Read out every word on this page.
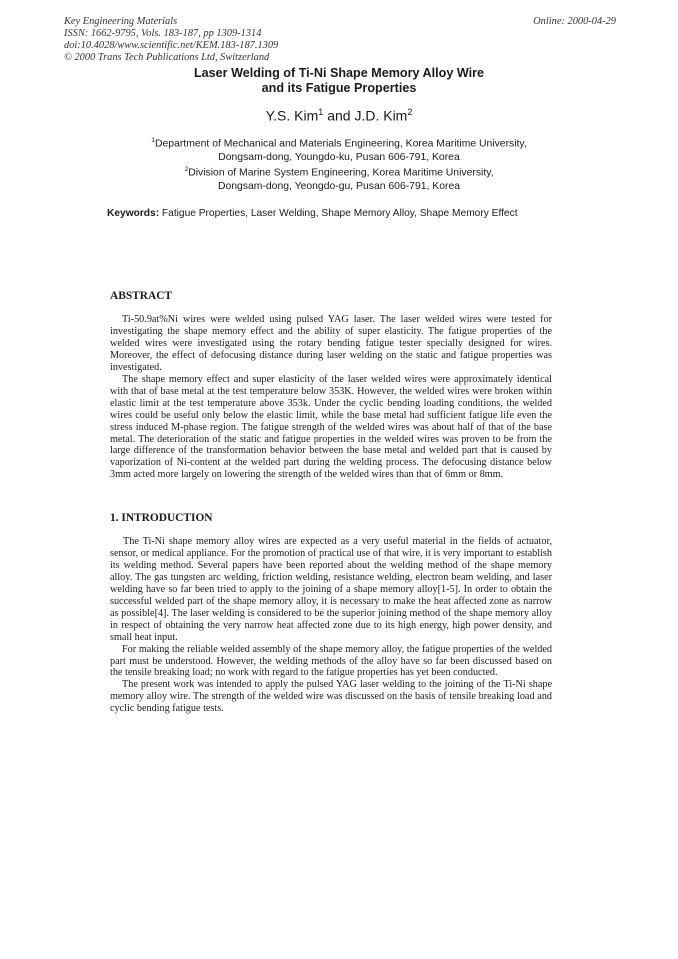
Key Engineering Materials
ISSN: 1662-9795, Vols. 183-187, pp 1309-1314
doi:10.4028/www.scientific.net/KEM.183-187.1309
© 2000 Trans Tech Publications Ltd, Switzerland
Online: 2000-04-29
Laser Welding of Ti-Ni Shape Memory Alloy Wire
and its Fatigue Properties
Y.S. Kim$^1$ and J.D. Kim$^2$
$^1$Department of Mechanical and Materials Engineering, Korea Maritime University,
Dongsam-dong, Youngdo-ku, Pusan 606-791, Korea
$^2$Division of Marine System Engineering, Korea Maritime University,
Dongsam-dong, Yeongdo-gu, Pusan 606-791, Korea
Keywords: Fatigue Properties, Laser Welding, Shape Memory Alloy, Shape Memory Effect
ABSTRACT

Ti-50.9at%Ni wires were welded using pulsed YAG laser. The laser welded wires were tested for investigating the shape memory effect and the ability of super elasticity. The fatigue properties of the welded wires were investigated using the rotary bending fatigue tester specially designed for wires. Moreover, the effect of defocusing distance during laser welding on the static and fatigue properties was investigated.

The shape memory effect and super elasticity of the laser welded wires were approximately identical with that of base metal at the test temperature below 353K. However, the welded wires were broken within elastic limit at the test temperature above 353k. Under the cyclic bending loading conditions, the welded wires could be useful only below the elastic limit, while the base metal had sufficient fatigue life even the stress induced M-phase region. The fatigue strength of the welded wires was about half of that of the base metal. The deterioration of the static and fatigue properties in the welded wires was proven to be from the large difference of the transformation behavior between the base metal and welded part that is caused by vaporization of Ni-content at the welded part during the welding process. The defocusing distance below 3mm acted more largely on lowering the strength of the welded wires than that of 6mm or 8mm.

1. INTRODUCTION

The Ti-Ni shape memory alloy wires are expected as a very useful material in the fields of actuator, sensor, or medical appliance. For the promotion of practical use of that wire, it is very important to establish its welding method. Several papers have been reported about the welding method of the shape memory alloy. The gas tungsten arc welding, friction welding, resistance welding, electron beam welding, and laser welding have so far been tried to apply to the joining of a shape memory alloy[1-5]. In order to obtain the successful welded part of the shape memory alloy, it is necessary to make the heat affected zone as narrow as possible[4]. The laser welding is considered to be the superior joining method of the shape memory alloy in respect of obtaining the very narrow heat affected zone due to its high energy, high power density, and small heat input.

For making the reliable welded assembly of the shape memory alloy, the fatigue properties of the welded part must be understood. However, the welding methods of the alloy have so far been discussed based on the tensile breaking load; no work with regard to the fatigue properties has yet been conducted.

The present work was intended to apply the pulsed YAG laser welding to the joining of the Ti-Ni shape memory alloy wire. The strength of the welded wire was discussed on the basis of tensile breaking load and cyclic bending fatigue tests.
